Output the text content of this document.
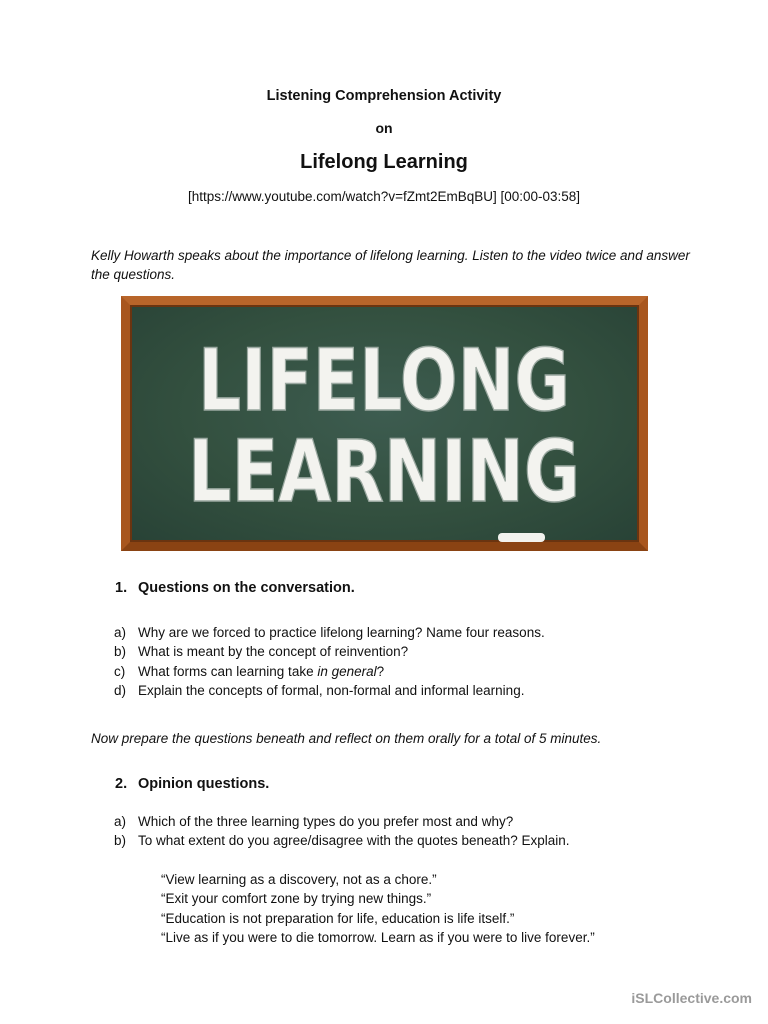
Listening Comprehension Activity
on
Lifelong Learning
[https://www.youtube.com/watch?v=fZmt2EmBqBU] [00:00-03:58]
Kelly Howarth speaks about the importance of lifelong learning. Listen to the video twice and answer the questions.
LIFELONG
LEARNING
1. Questions on the conversation.
a) Why are we forced to practice lifelong learning? Name four reasons.
b) What is meant by the concept of reinvention?
c) What forms can learning take in general?
d) Explain the concepts of formal, non-formal and informal learning.
Now prepare the questions beneath and reflect on them orally for a total of 5 minutes.
2. Opinion questions.
a) Which of the three learning types do you prefer most and why?
b) To what extent do you agree/disagree with the quotes beneath? Explain.
“View learning as a discovery, not as a chore.”
“Exit your comfort zone by trying new things.”
“Education is not preparation for life, education is life itself.”
“Live as if you were to die tomorrow. Learn as if you were to live forever.”
iSLCollective.com
